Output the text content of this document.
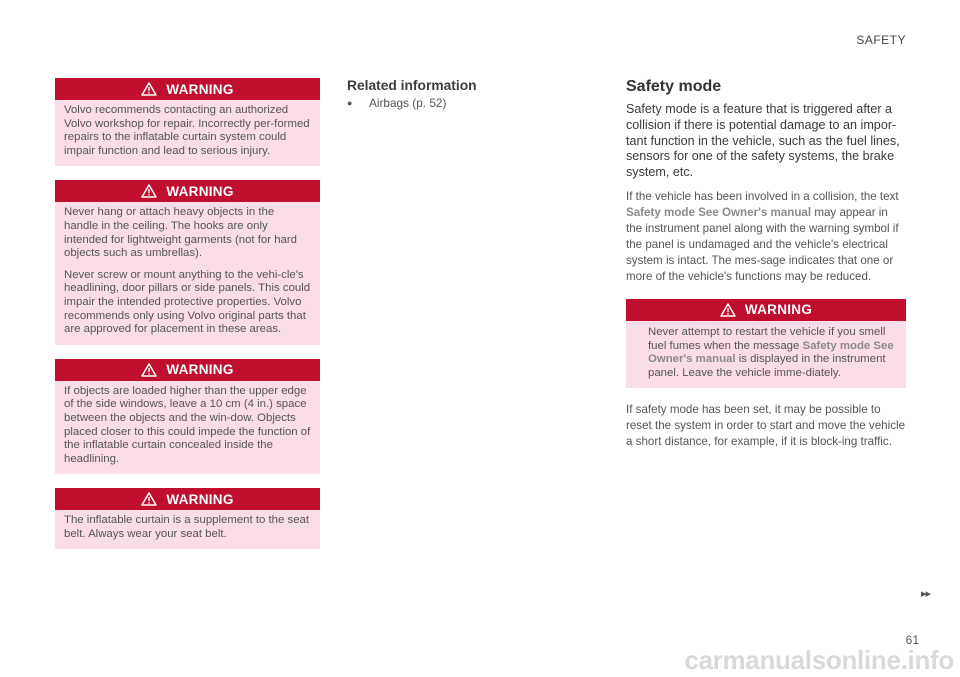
SAFETY
WARNING

Volvo recommends contacting an authorized Volvo workshop for repair. Incorrectly per-formed repairs to the inflatable curtain system could impair function and lead to serious injury.

WARNING

Never hang or attach heavy objects in the handle in the ceiling. The hooks are only intended for lightweight garments (not for hard objects such as umbrellas).

Never screw or mount anything to the vehi-cle's headlining, door pillars or side panels. This could impair the intended protective properties. Volvo recommends only using Volvo original parts that are approved for placement in these areas.

WARNING

If objects are loaded higher than the upper edge of the side windows, leave a 10 cm (4 in.) space between the objects and the win-dow. Objects placed closer to this could impede the function of the inflatable curtain concealed inside the headlining.

WARNING

The inflatable curtain is a supplement to the seat belt. Always wear your seat belt.

Related information
●	Airbags (p. 52)
Safety mode

Safety mode is a feature that is triggered after a collision if there is potential damage to an impor-tant function in the vehicle, such as the fuel lines, sensors for one of the safety systems, the brake system, etc.

If the vehicle has been involved in a collision, the text Safety mode See Owner's manual may appear in the instrument panel along with the warning symbol if the panel is undamaged and the vehicle's electrical system is intact. The mes-sage indicates that one or more of the vehicle's functions may be reduced.

WARNING

Never attempt to restart the vehicle if you smell fuel fumes when the message Safety mode See Owner's manual is displayed in the instrument panel. Leave the vehicle imme-diately.

If safety mode has been set, it may be possible to reset the system in order to start and move the vehicle a short distance, for example, if it is block-ing traffic.

▸▸
61
carmanualsonline.info
